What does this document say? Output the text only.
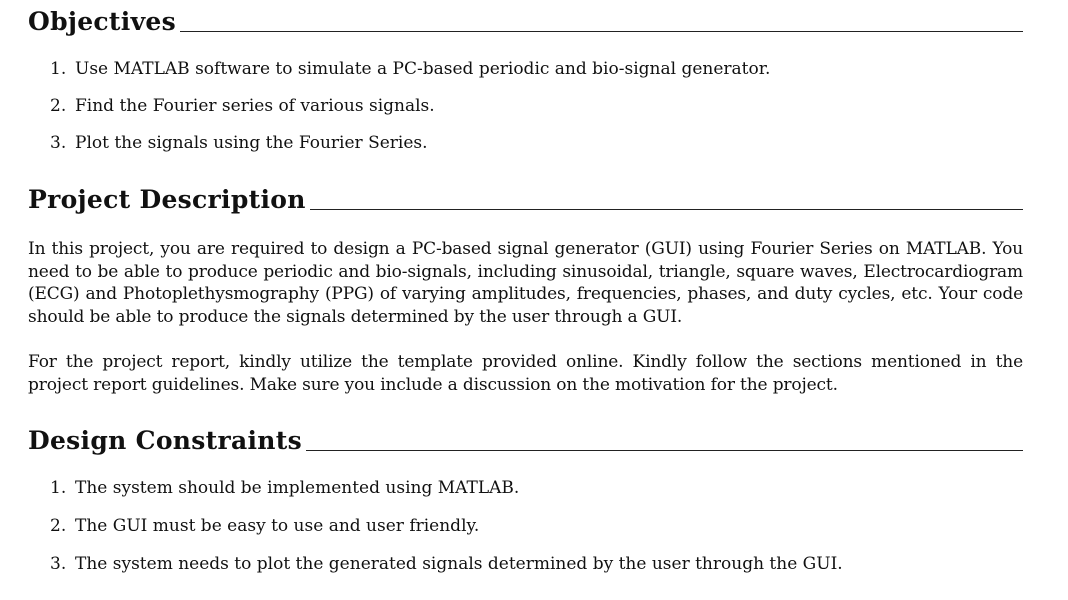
Objectives
1. Use MATLAB software to simulate a PC-based periodic and bio-signal generator.
2. Find the Fourier series of various signals.
3. Plot the signals using the Fourier Series.
Project Description

In this project, you are required to design a PC-based signal generator (GUI) using Fourier Series on MATLAB. You need to be able to produce periodic and bio-signals, including sinusoidal, triangle, square waves, Electrocardiogram (ECG) and Photoplethysmography (PPG) of varying amplitudes, frequencies, phases, and duty cycles, etc. Your code should be able to produce the signals determined by the user through a GUI.

For the project report, kindly utilize the template provided online. Kindly follow the sections mentioned in the project report guidelines. Make sure you include a discussion on the motivation for the project.

Design Constraints
1. The system should be implemented using MATLAB.
2. The GUI must be easy to use and user friendly.
3. The system needs to plot the generated signals determined by the user through the GUI.
